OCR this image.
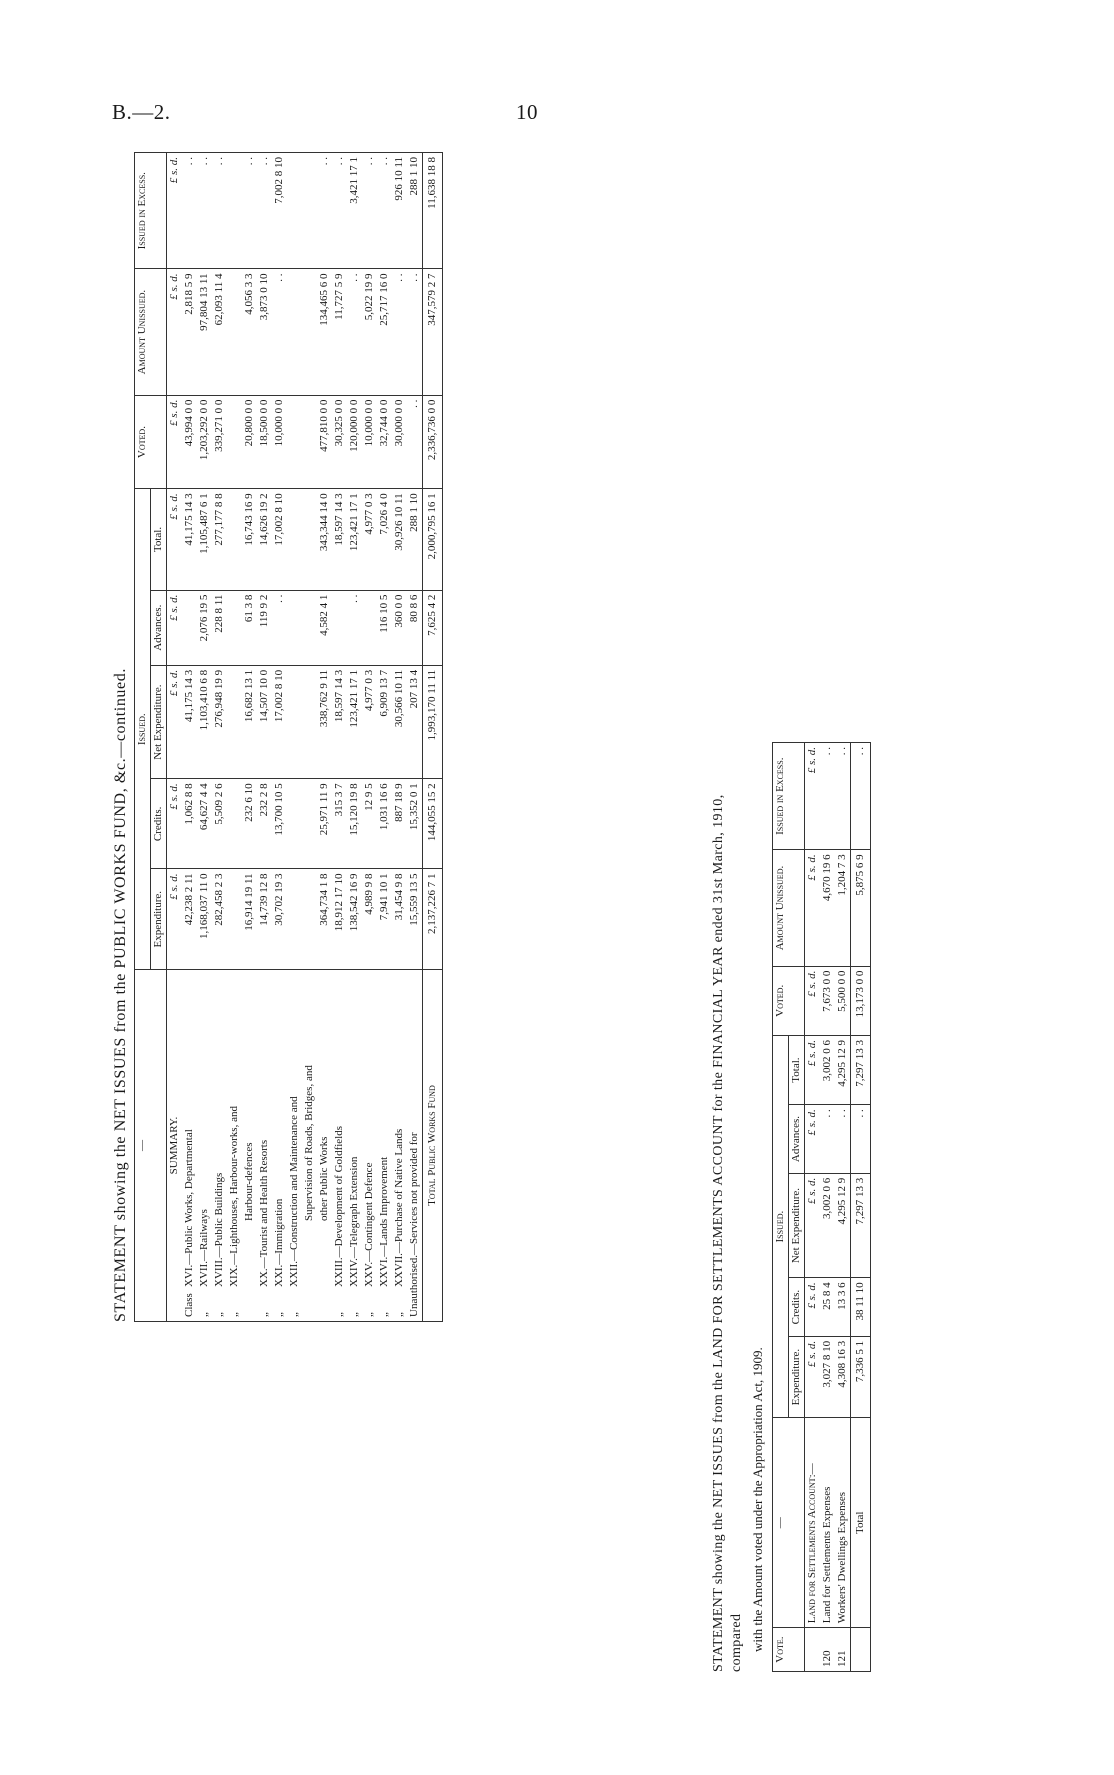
B.—2.	10
STATEMENT showing the NET ISSUES from the PUBLIC WORKS FUND, &c.—continued. —	Issued.					Voted.	Amount Unissued.	Issued in Excess.
	Expenditure.	Credits.	Net Expenditure.	Advances.	Total.			
SUMMARY.	£ s. d.	£ s. d.	£ s. d.	£ s. d.	£ s. d.	£ s. d.	£ s. d.	£ s. d.
ClassXVI.—Public Works, Departmental	42,238 2 11	1,062 8 8	41,175 14 3		41,175 14 3	43,994 0 0	2,818 5 9	. .
„XVII.—Railways	1,168,037 11 0	64,627 4 4	1,103,410 6 8	2,076 19 5	1,105,487 6 1	1,203,292 0 0	97,804 13 11	. .
„XVIII.—Public Buildings	282,458 2 3	5,509 2 6	276,948 19 9	228 8 11	277,177 8 8	339,271 0 0	62,093 11 4	. .
„XIX.—Lighthouses, Harbour-works, and								
Harbour-defences	16,914 19 11	232 6 10	16,682 13 1	61 3 8	16,743 16 9	20,800 0 0	4,056 3 3	. .
„XX.—Tourist and Health Resorts	14,739 12 8	232 2 8	14,507 10 0	119 9 2	14,626 19 2	18,500 0 0	3,873 0 10	. .
„XXI.—Immigration	30,702 19 3	13,700 10 5	17,002 8 10	. .	17,002 8 10	10,000 0 0	. .	7,002 8 10
„XXII.—Construction and Maintenance and								
Supervision of Roads, Bridges, and								
other Public Works	364,734 1 8	25,971 11 9	338,762 9 11	4,582 4 1	343,344 14 0	477,810 0 0	134,465 6 0	. .
„XXIII.—Development of Goldfields	18,912 17 10	315 3 7	18,597 14 3		18,597 14 3	30,325 0 0	11,727 5 9	. .
„XXIV.—Telegraph Extension	138,542 16 9	15,120 19 8	123,421 17 1	. .	123,421 17 1	120,000 0 0	. .	3,421 17 1
„XXV.—Contingent Defence	4,989 9 8	12 9 5	4,977 0 3		4,977 0 3	10,000 0 0	5,022 19 9	. .
„XXVI.—Lands Improvement	7,941 10 1	1,031 16 6	6,909 13 7	116 10 5	7,026 4 0	32,744 0 0	25,717 16 0	. .
„XXVII.—Purchase of Native Lands	31,454 9 8	887 18 9	30,566 10 11	360 0 0	30,926 10 11	30,000 0 0	. .	926 10 11
Unauthorised.—Services not provided for	15,559 13 5	15,352 0 1	207 13 4	80 8 6	288 1 10	. .	. .	288 1 10
Total Public Works Fund	2,137,226 7 1	144,055 15 2	1,993,170 11 11	7,625 4 2	2,000,795 16 1	2,336,736 0 0	347,579 2 7	11,638 18 8
STATEMENT showing the NET ISSUES from the LAND FOR SETTLEMENTS ACCOUNT for the FINANCIAL YEAR ended 31st March, 1910, compared with the Amount voted under the Appropriation Act, 1909. Vote.	—	Issued.					Voted.	Amount Unissued.	Issued in Excess.
		Expenditure.	Credits.	Net Expenditure.	Advances.	Total.			
	Land for Settlements Account:—	£ s. d.	£ s. d.	£ s. d.	£ s. d.	£ s. d.	£ s. d.	£ s. d.	£ s. d.
120	Land for Settlements Expenses	3,027 8 10	25 8 4	3,002 0 6	. .	3,002 0 6	7,673 0 0	4,670 19 6	. .
121	Workers' Dwellings Expenses	4,308 16 3	13 3 6	4,295 12 9	. .	4,295 12 9	5,500 0 0	1,204 7 3	. .
	Total	7,336 5 1	38 11 10	7,297 13 3	. .	7,297 13 3	13,173 0 0	5,875 6 9	. .
